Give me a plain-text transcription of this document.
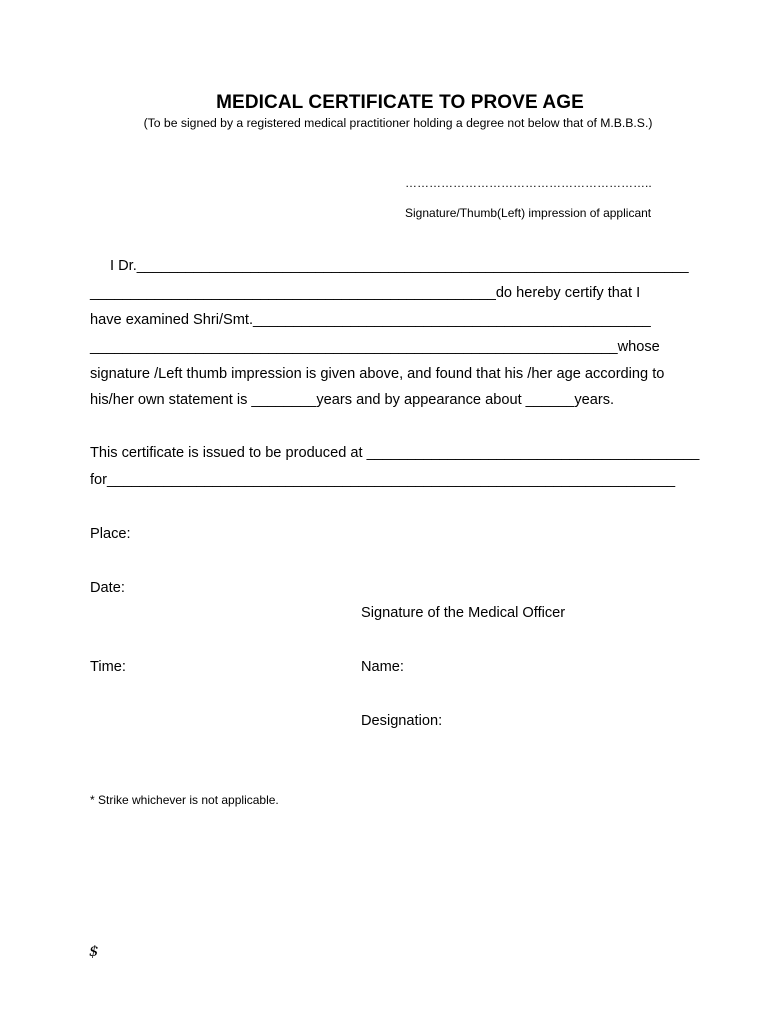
MEDICAL CERTIFICATE TO PROVE AGE

(To be signed by a registered medical practitioner holding a degree not below that of M.B.B.S.)

……………………………………………………..
Signature/Thumb(Left) impression of applicant
I Dr.____________________________________________________________________
__________________________________________________do hereby certify that I
have examined Shri/Smt._________________________________________________
_________________________________________________________________whose
signature /Left thumb impression is given above, and found that his /her age according to
his/her own statement is ________years and by appearance about ______years.
This certificate is issued to be produced at _________________________________________
for______________________________________________________________________
Place:
Date:
Signature of the Medical Officer
Time:	Name:
Designation:
* Strike whichever is not applicable.
$
